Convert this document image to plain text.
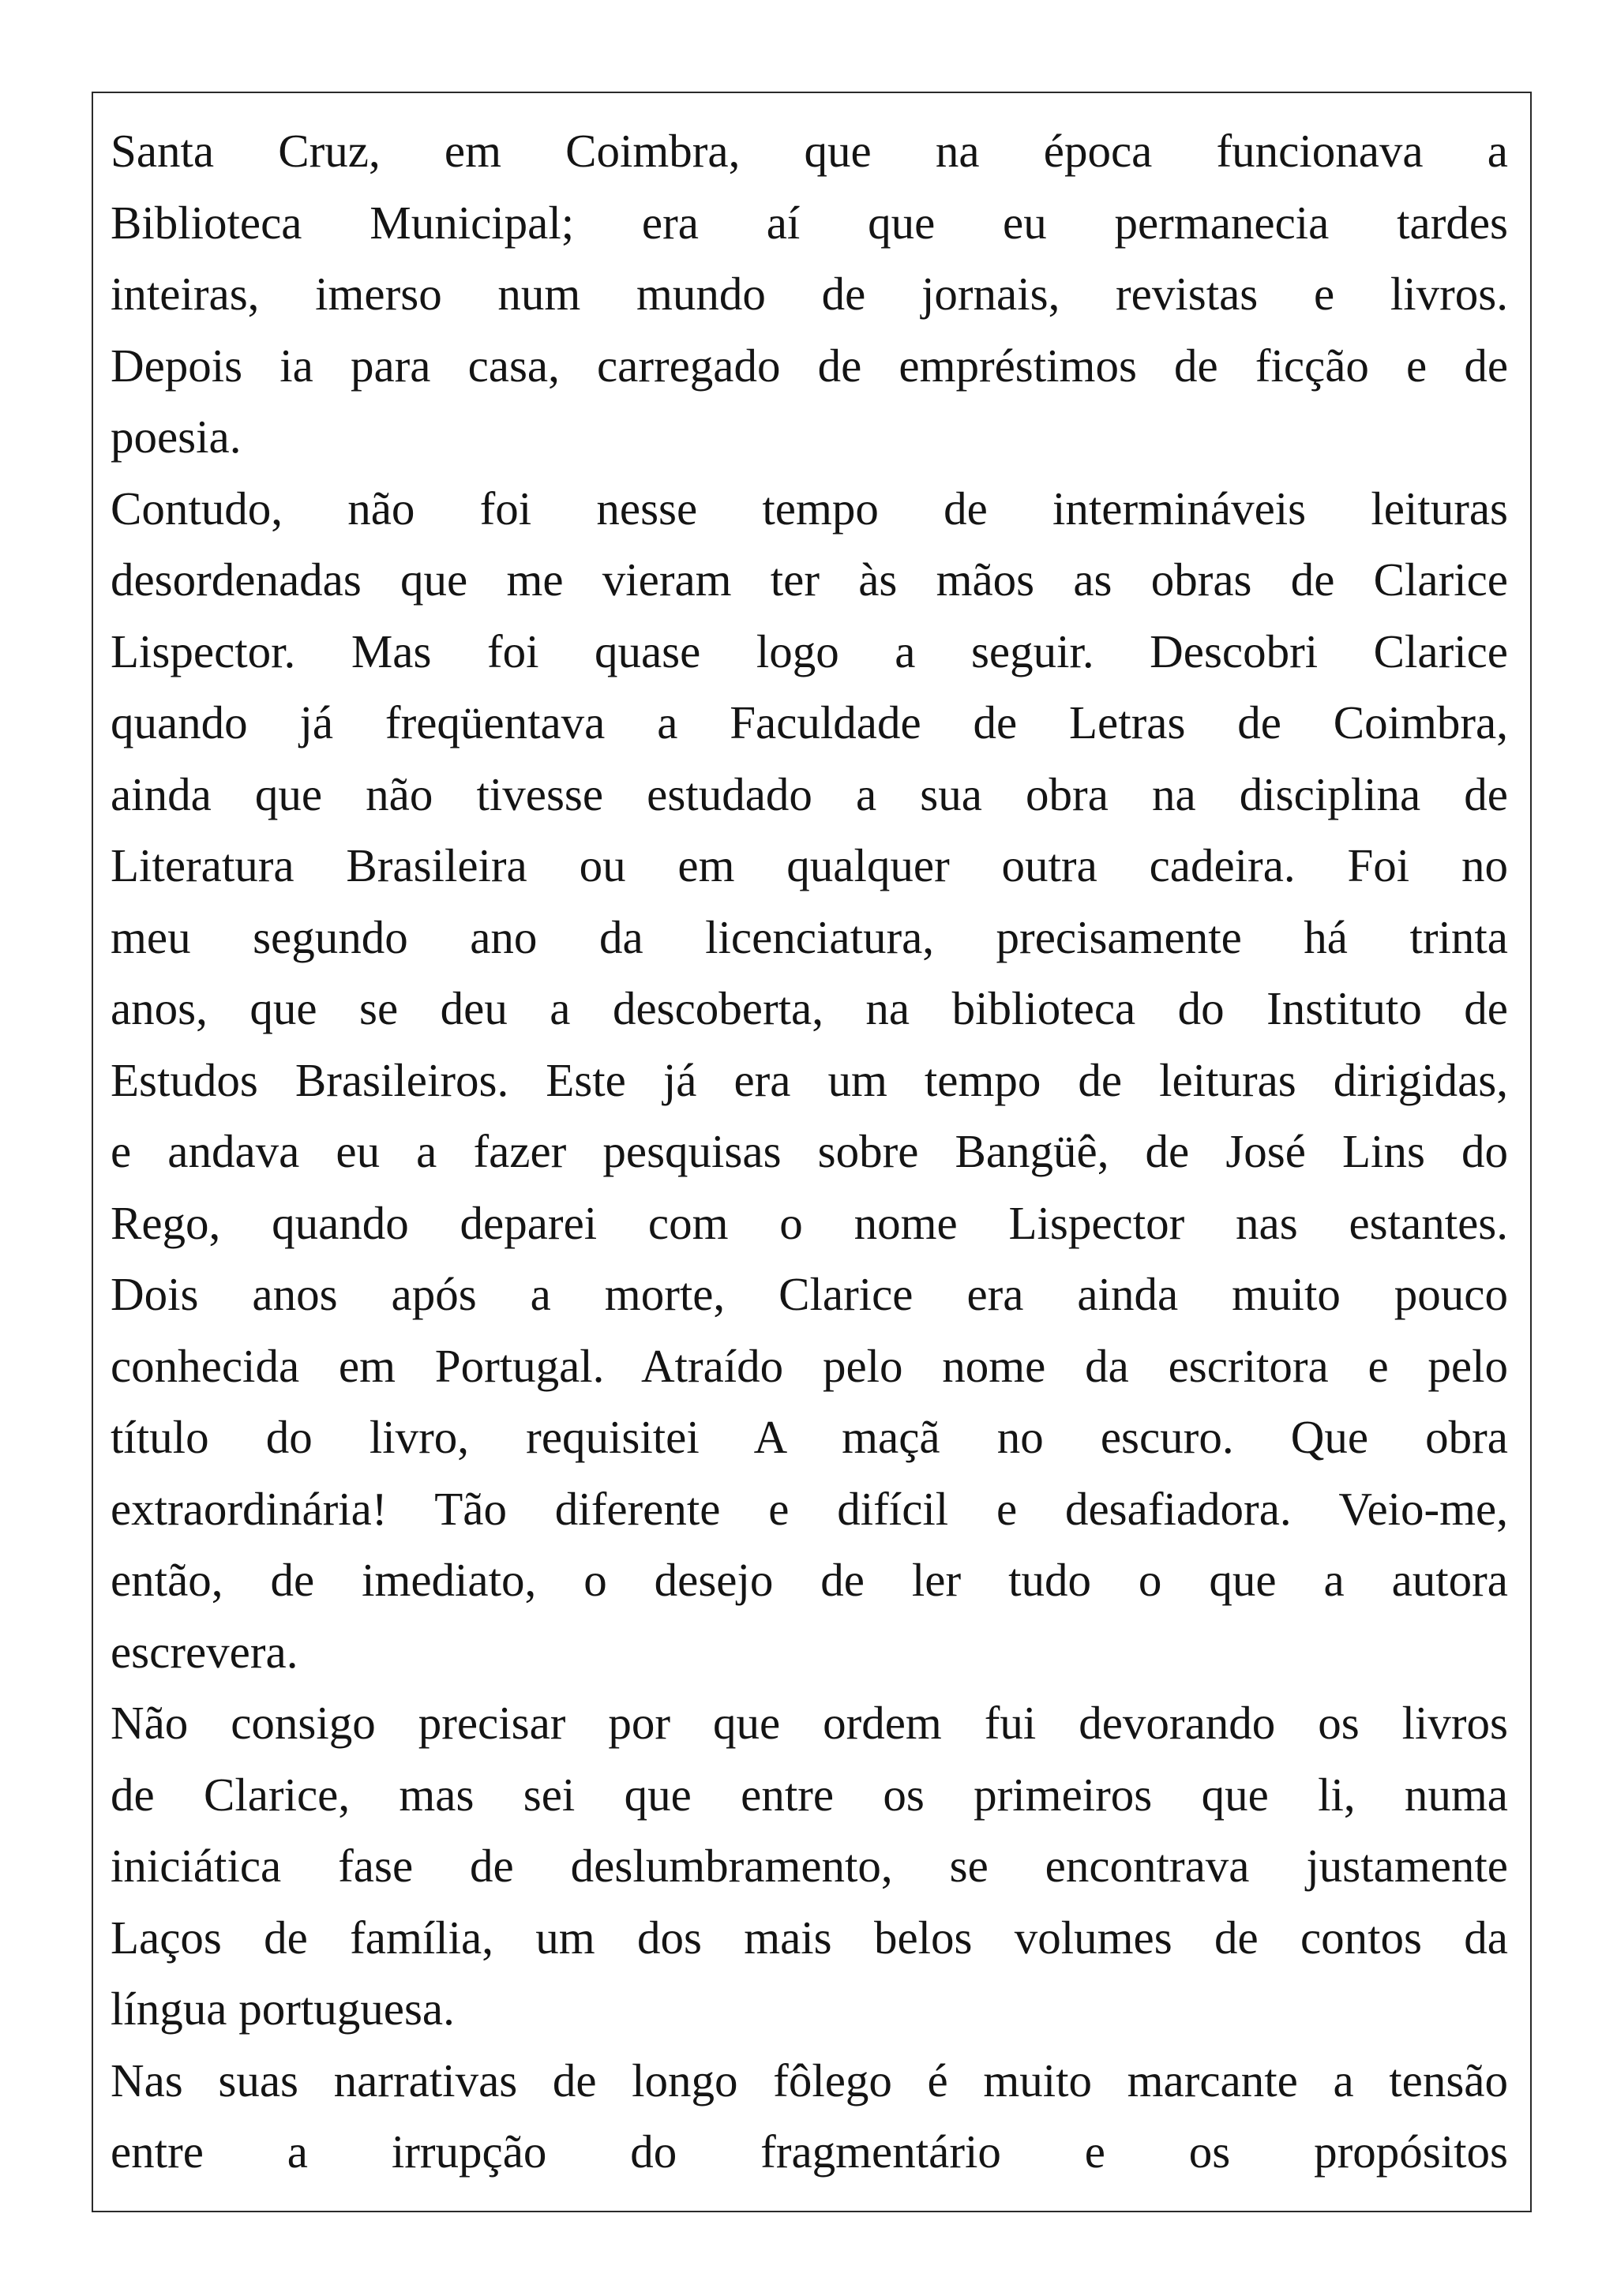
Santa Cruz, em Coimbra, que na época funcionava a
Biblioteca Municipal; era aí que eu permanecia tardes
inteiras, imerso num mundo de jornais, revistas e livros.
Depois ia para casa, carregado de empréstimos de ficção e de
poesia.
Contudo, não foi nesse tempo de intermináveis leituras
desordenadas que me vieram ter às mãos as obras de Clarice
Lispector. Mas foi quase logo a seguir. Descobri Clarice
quando já freqüentava a Faculdade de Letras de Coimbra,
ainda que não tivesse estudado a sua obra na disciplina de
Literatura Brasileira ou em qualquer outra cadeira. Foi no
meu segundo ano da licenciatura, precisamente há trinta
anos, que se deu a descoberta, na biblioteca do Instituto de
Estudos Brasileiros. Este já era um tempo de leituras dirigidas,
e andava eu a fazer pesquisas sobre Bangüê, de José Lins do
Rego, quando deparei com o nome Lispector nas estantes.
Dois anos após a morte, Clarice era ainda muito pouco
conhecida em Portugal. Atraído pelo nome da escritora e pelo
título do livro, requisitei A maçã no escuro. Que obra
extraordinária! Tão diferente e difícil e desafiadora. Veio-me,
então, de imediato, o desejo de ler tudo o que a autora
escrevera.
Não consigo precisar por que ordem fui devorando os livros
de Clarice, mas sei que entre os primeiros que li, numa
iniciática fase de deslumbramento, se encontrava justamente
Laços de família, um dos mais belos volumes de contos da
língua portuguesa.
Nas suas narrativas de longo fôlego é muito marcante a tensão
entre a irrupção do fragmentário e os propósitos
